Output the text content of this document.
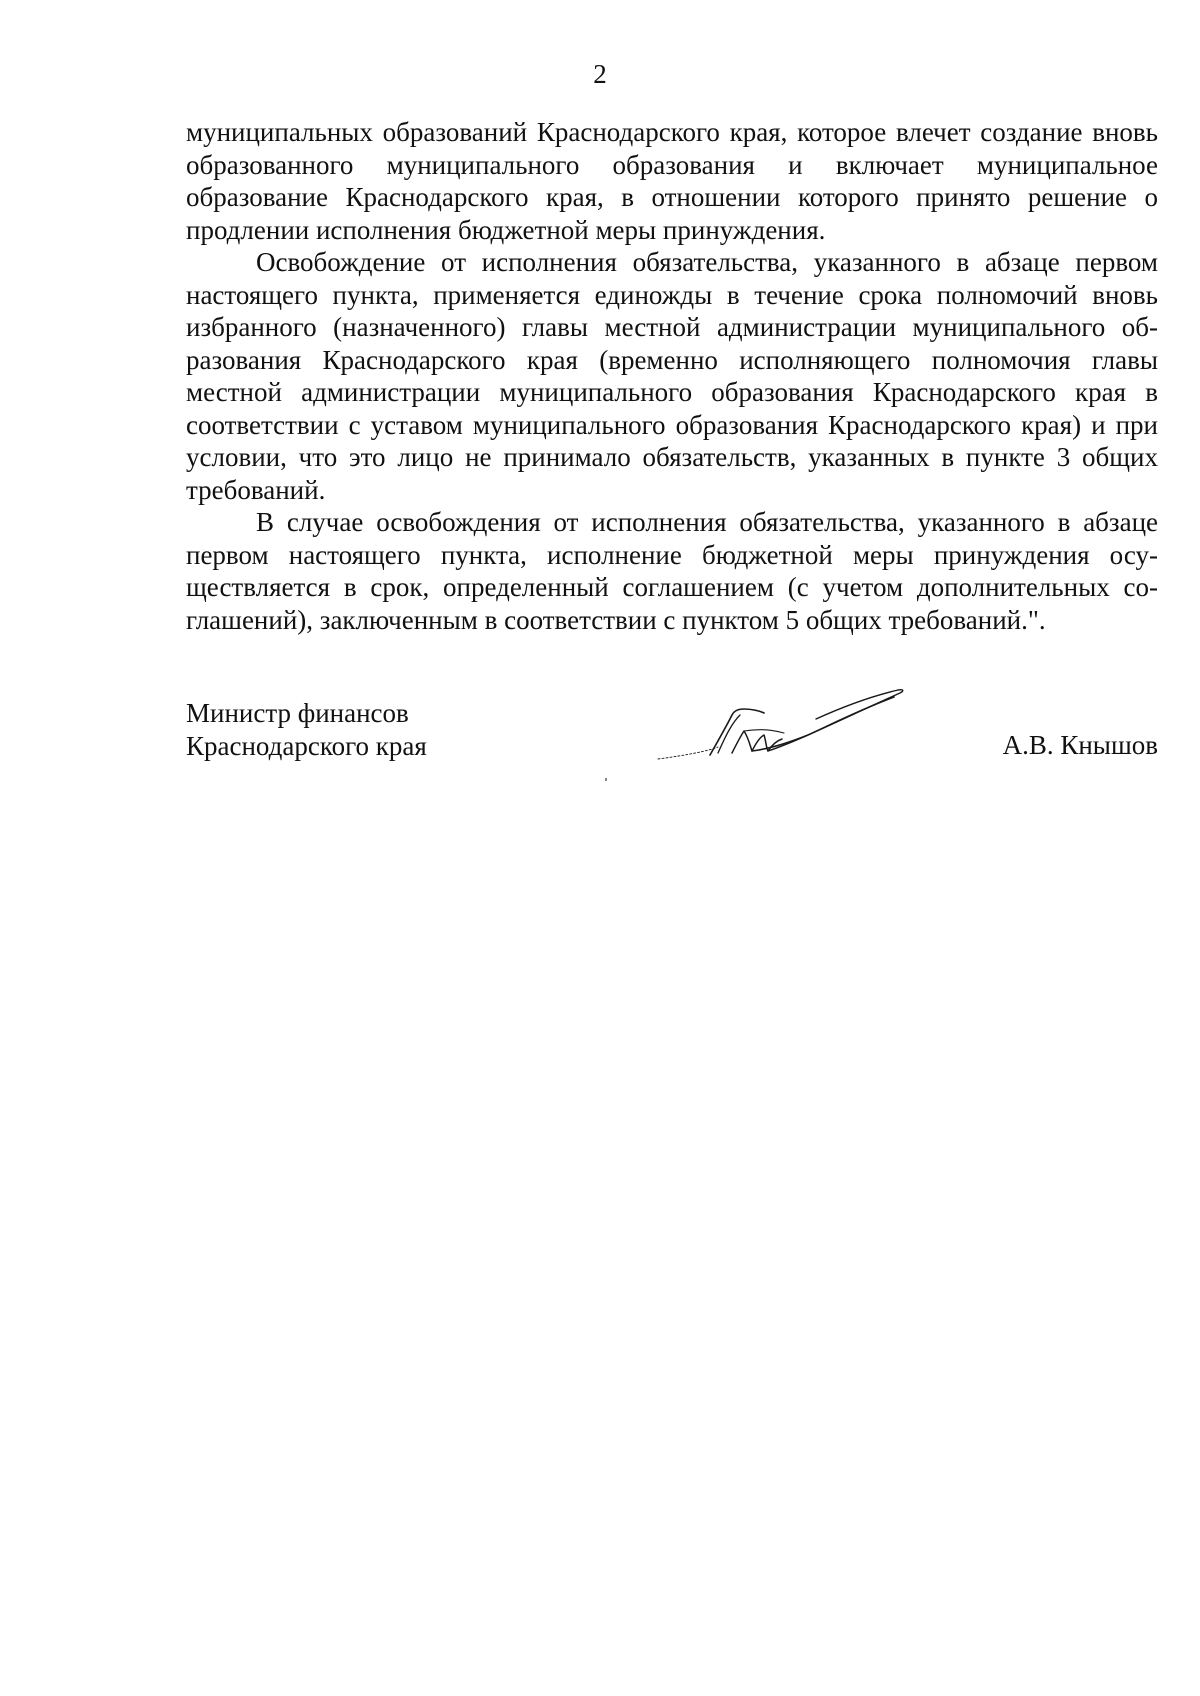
2

муниципальных образований Краснодарского края, которое влечет создание вновь образованного муниципального образования и включает муниципальное образование Краснодарского края, в отношении которого принято решение о продлении исполнения бюджетной меры принуждения.

Освобождение от исполнения обязательства, указанного в абзаце первом настоящего пункта, применяется единожды в течение срока полномочий вновь избранного (назначенного) главы местной администрации муниципального образования Краснодарского края (временно исполняющего полномочия главы местной администрации муниципального образования Краснодарского края в соответствии с уставом муниципального образования Краснодарского края) и при условии, что это лицо не принимало обязательств, указанных в пункте 3 общих требований.

В случае освобождения от исполнения обязательства, указанного в абзаце первом настоящего пункта, исполнение бюджетной меры принуждения осуществляется в срок, определенный соглашением (с учетом дополнительных соглашений), заключенным в соответствии с пунктом 5 общих требований.".

Министр финансов
Краснодарского края	А.В. Кнышов
